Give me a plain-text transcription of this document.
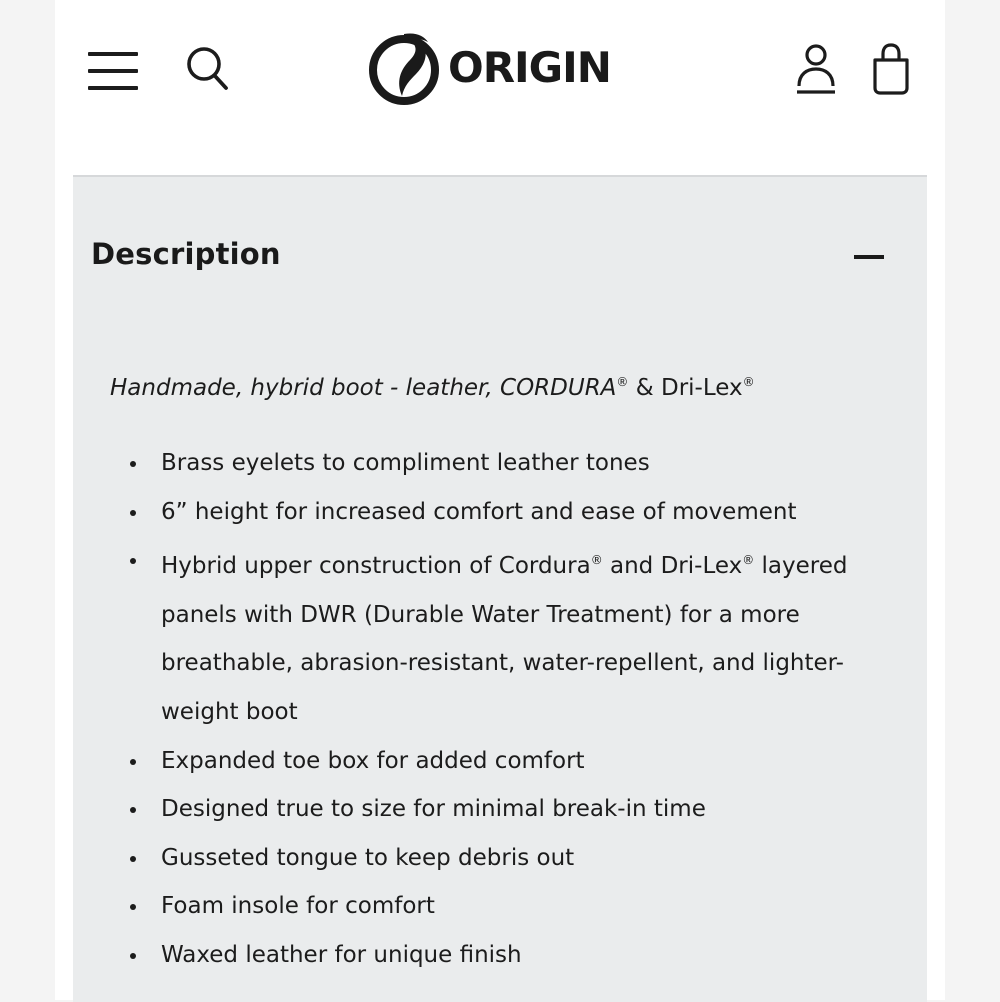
ORIGIN
Description
Handmade, hybrid boot - leather, CORDURA® & Dri-Lex®
Brass eyelets to compliment leather tones
6” height for increased comfort and ease of movement
Hybrid upper construction of Cordura® and Dri-Lex® layered panels with DWR (Durable Water Treatment) for a more breathable, abrasion-resistant, water-repellent, and lighter-weight boot
Expanded toe box for added comfort
Designed true to size for minimal break-in time
Gusseted tongue to keep debris out
Foam insole for comfort
Waxed leather for unique finish
